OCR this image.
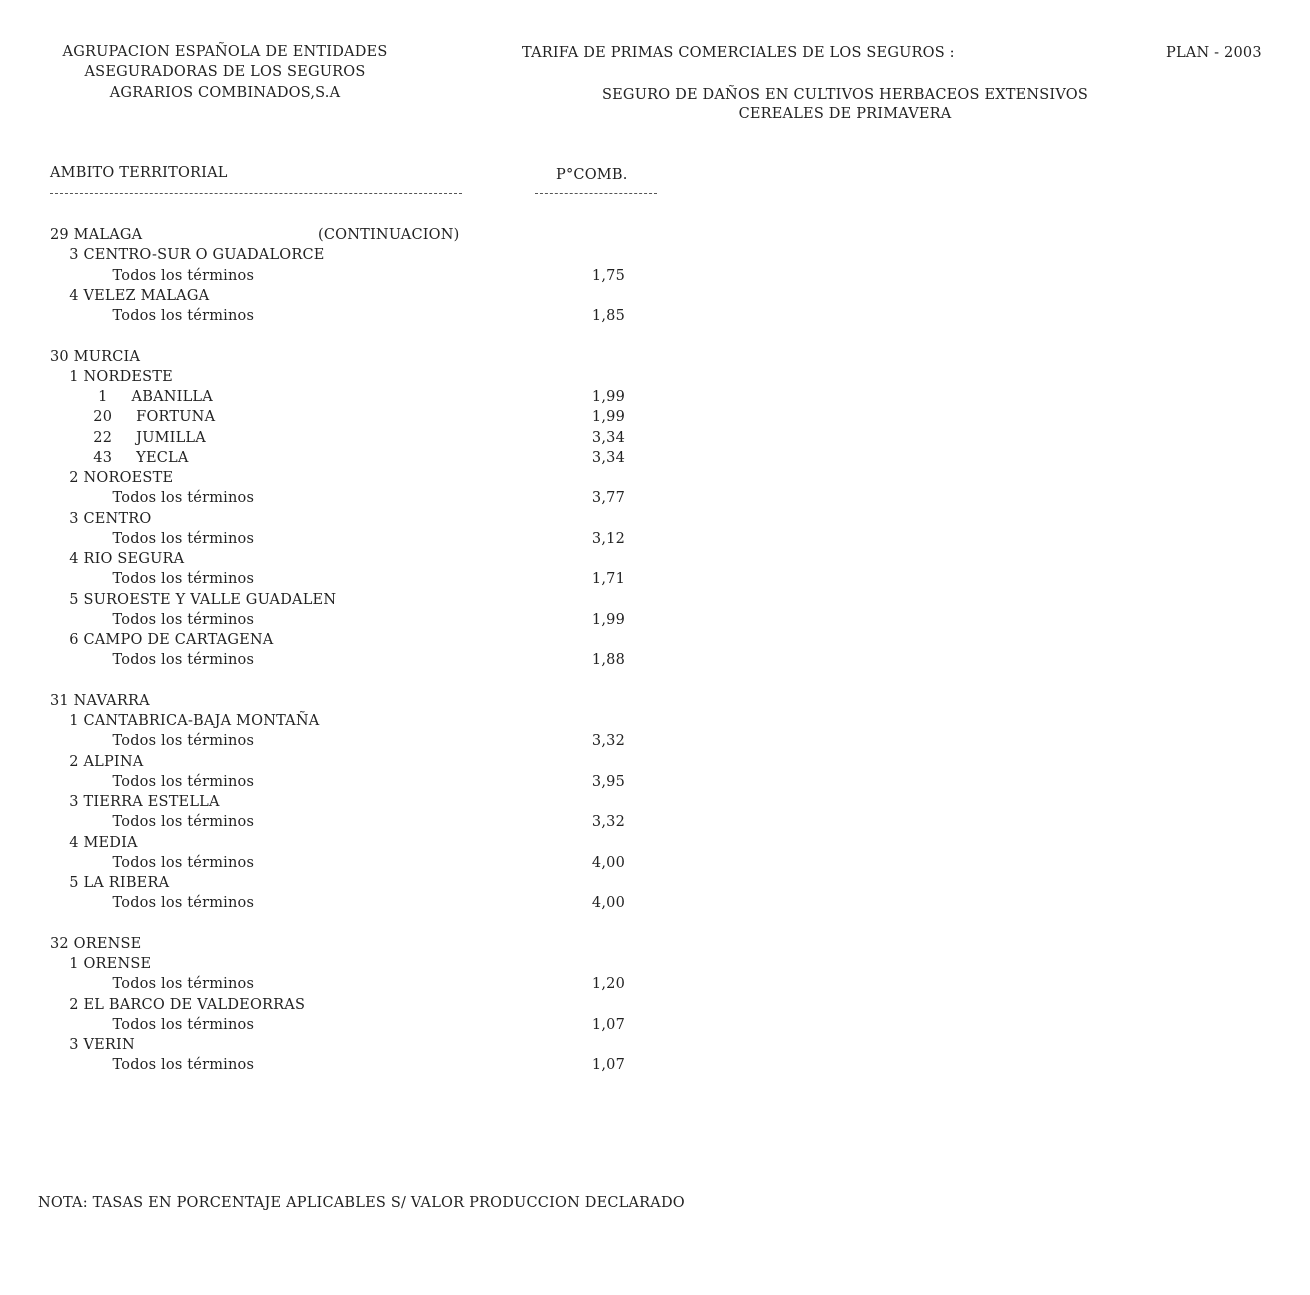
AGRUPACION ESPAÑOLA DE ENTIDADES
ASEGURADORAS DE LOS SEGUROS
AGRARIOS COMBINADOS,S.A
TARIFA DE PRIMAS COMERCIALES DE LOS SEGUROS :	PLAN - 2003
SEGURO DE DAÑOS EN CULTIVOS HERBACEOS EXTENSIVOS
CEREALES DE PRIMAVERA
AMBITO TERRITORIAL	P°COMB.
29 MALAGA	(CONTINUACION)
3 CENTRO-SUR O GUADALORCE
Todos los términos	1,75
4 VELEZ MALAGA
Todos los términos	1,85
30 MURCIA
1 NORDESTE
1     ABANILLA	1,99
20     FORTUNA	1,99
22     JUMILLA	3,34
43     YECLA	3,34
2 NOROESTE
Todos los términos	3,77
3 CENTRO
Todos los términos	3,12
4 RIO SEGURA
Todos los términos	1,71
5 SUROESTE Y VALLE GUADALEN
Todos los términos	1,99
6 CAMPO DE CARTAGENA
Todos los términos	1,88
31 NAVARRA
1 CANTABRICA-BAJA MONTAÑA
Todos los términos	3,32
2 ALPINA
Todos los términos	3,95
3 TIERRA ESTELLA
Todos los términos	3,32
4 MEDIA
Todos los términos	4,00
5 LA RIBERA
Todos los términos	4,00
32 ORENSE
1 ORENSE
Todos los términos	1,20
2 EL BARCO DE VALDEORRAS
Todos los términos	1,07
3 VERIN
Todos los términos	1,07
NOTA: TASAS EN PORCENTAJE APLICABLES S/ VALOR PRODUCCION DECLARADO
